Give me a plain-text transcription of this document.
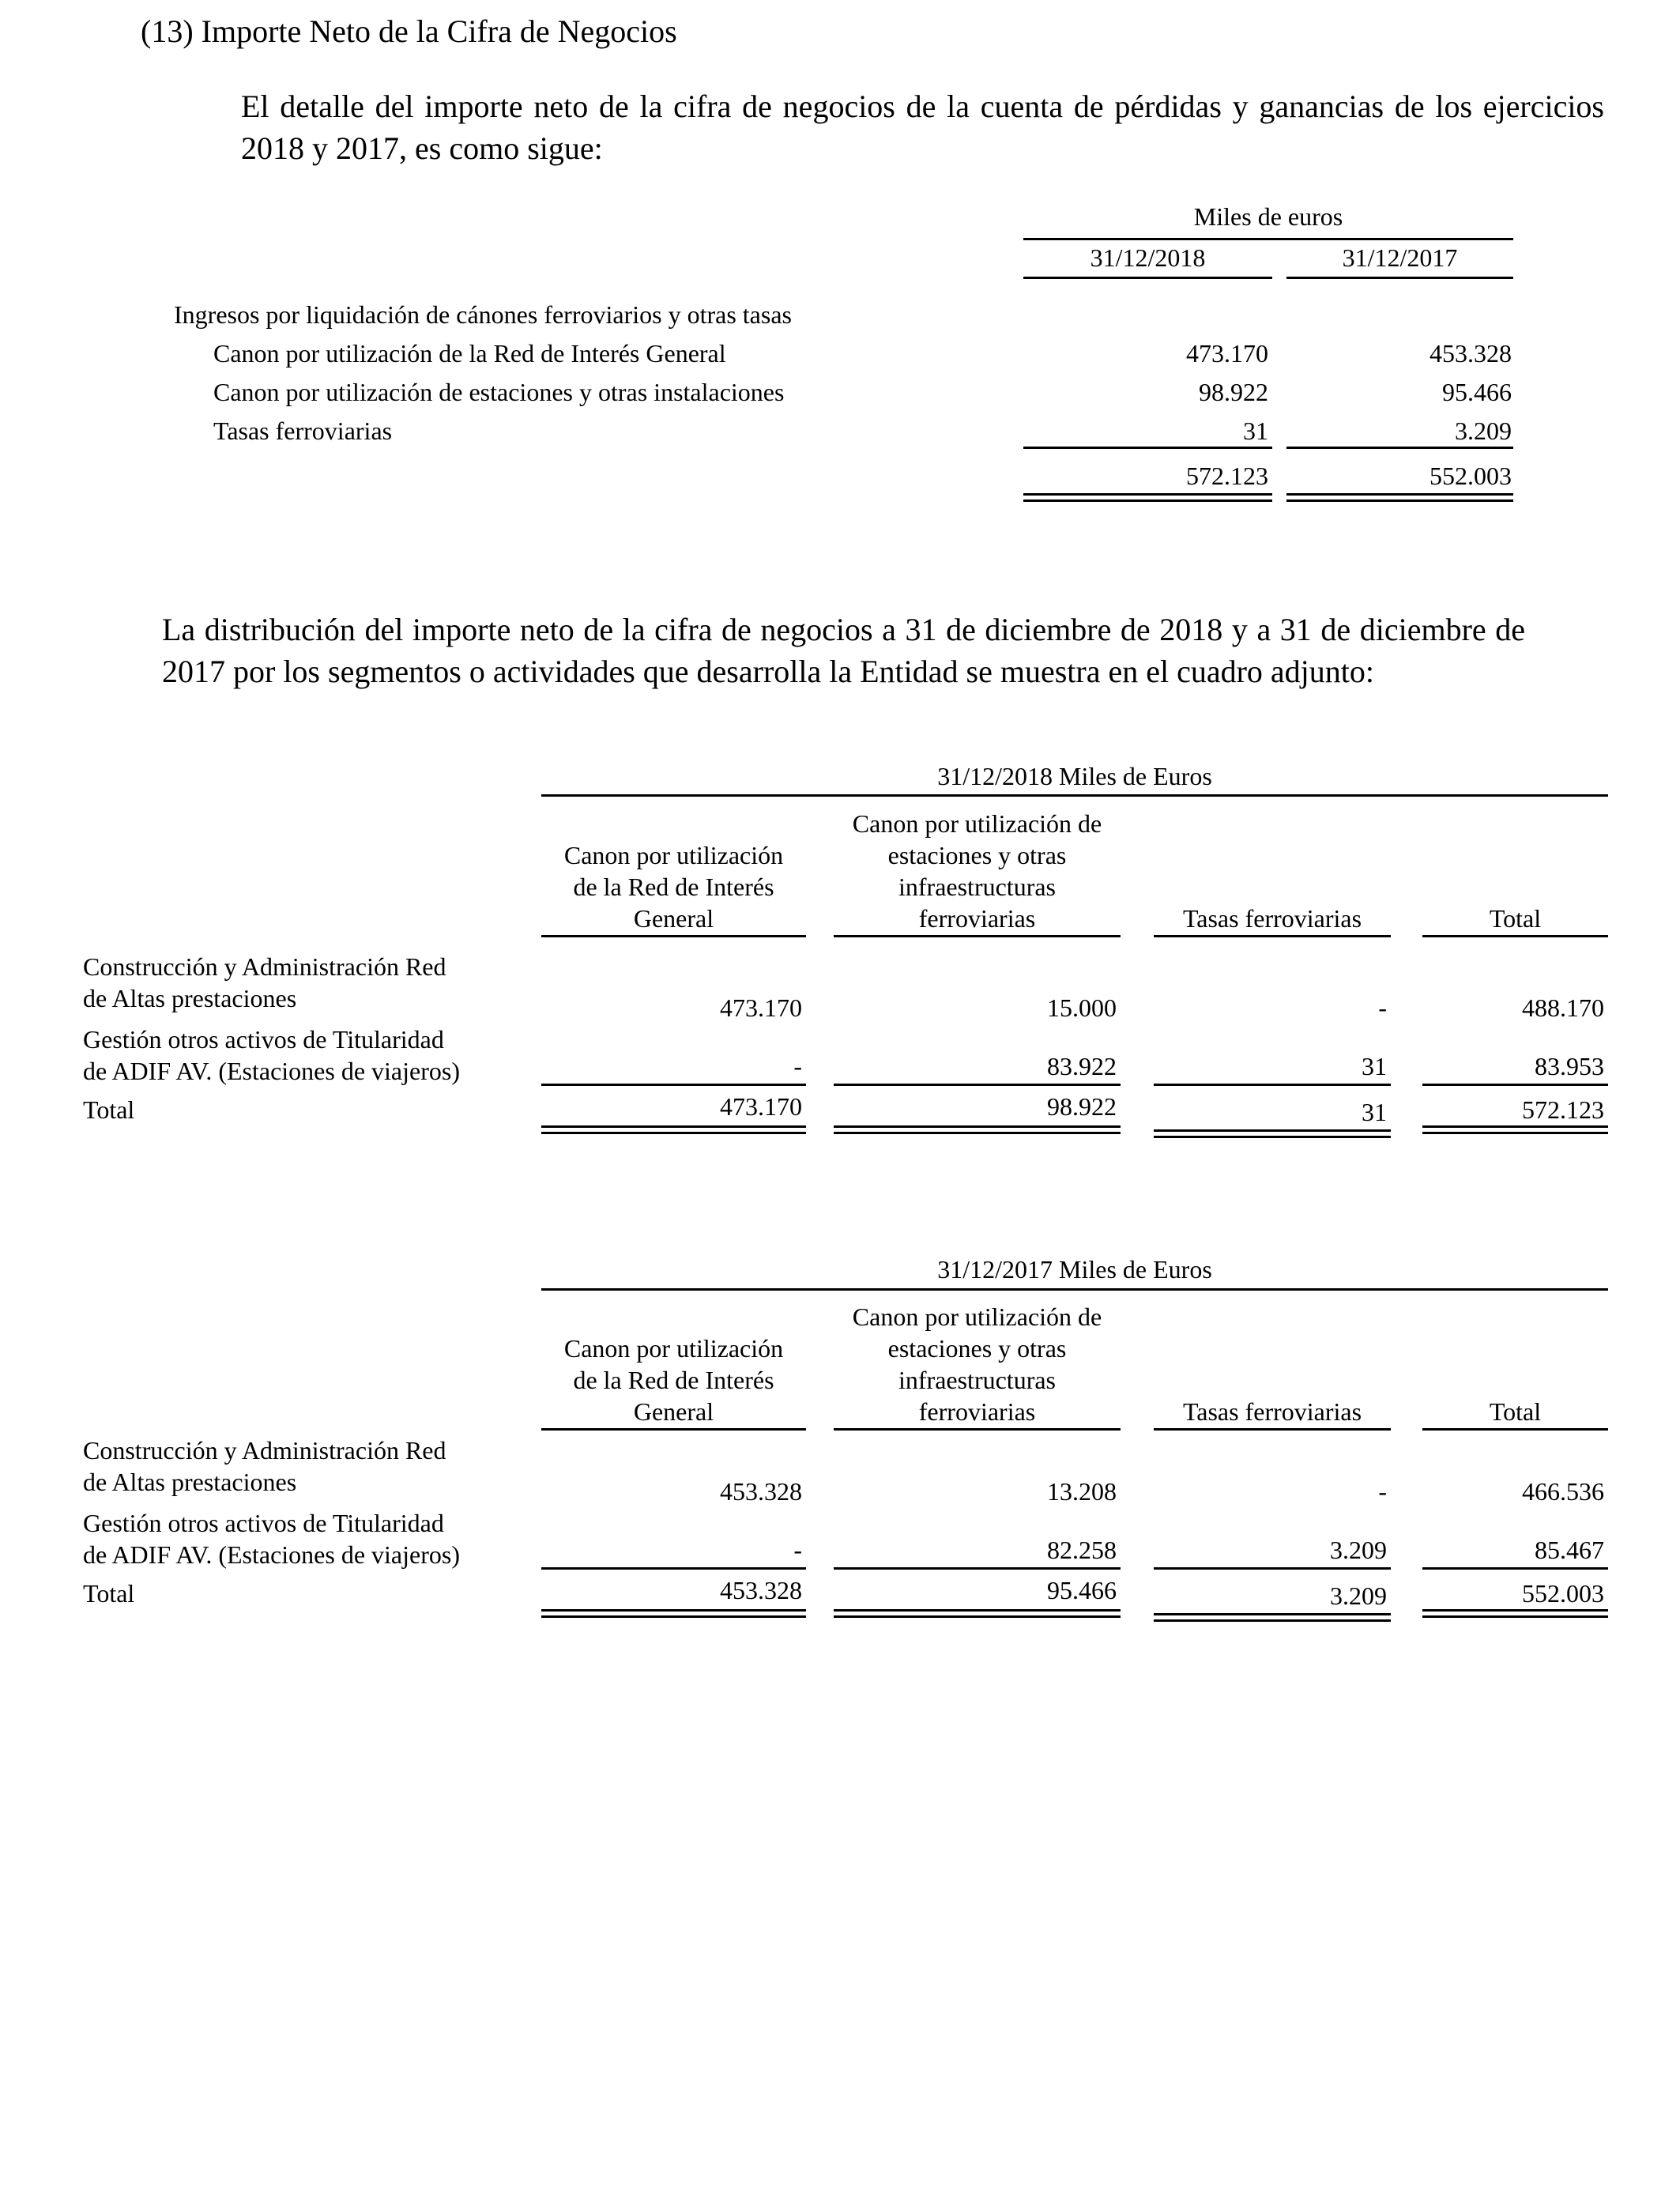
(13) Importe Neto de la Cifra de Negocios
El detalle del importe neto de la cifra de negocios de la cuenta de pérdidas y ganancias de los ejercicios 2018 y 2017, es como sigue:
Miles de euros
31/12/2018	31/12/2017
Ingresos por liquidación de cánones ferroviarios y otras tasas
Canon por utilización de la Red de Interés General	473.170	453.328
Canon por utilización de estaciones y otras instalaciones	98.922	95.466
Tasas ferroviarias	31	3.209
572.123	552.003
La distribución del importe neto de la cifra de negocios a 31 de diciembre de 2018 y a 31 de diciembre de 2017 por los segmentos o actividades que desarrolla la Entidad se muestra en el cuadro adjunto:
31/12/2018 Miles de Euros
Canon por utilización
de la Red de Interés
General
Canon por utilización de
estaciones y otras
infraestructuras
ferroviarias	Tasas ferroviarias	Total
Construcción y Administración Red
de Altas prestaciones	473.170	15.000	-	488.170
Gestión otros activos de Titularidad
de ADIF AV. (Estaciones de viajeros)	-	83.922	31	83.953
Total	473.170	98.922	31	572.123
31/12/2017 Miles de Euros
Canon por utilización
de la Red de Interés
General
Canon por utilización de
estaciones y otras
infraestructuras
ferroviarias	Tasas ferroviarias	Total
Construcción y Administración Red
de Altas prestaciones	453.328	13.208	-	466.536
Gestión otros activos de Titularidad
de ADIF AV. (Estaciones de viajeros)	-	82.258	3.209	85.467
Total	453.328	95.466	3.209	552.003
